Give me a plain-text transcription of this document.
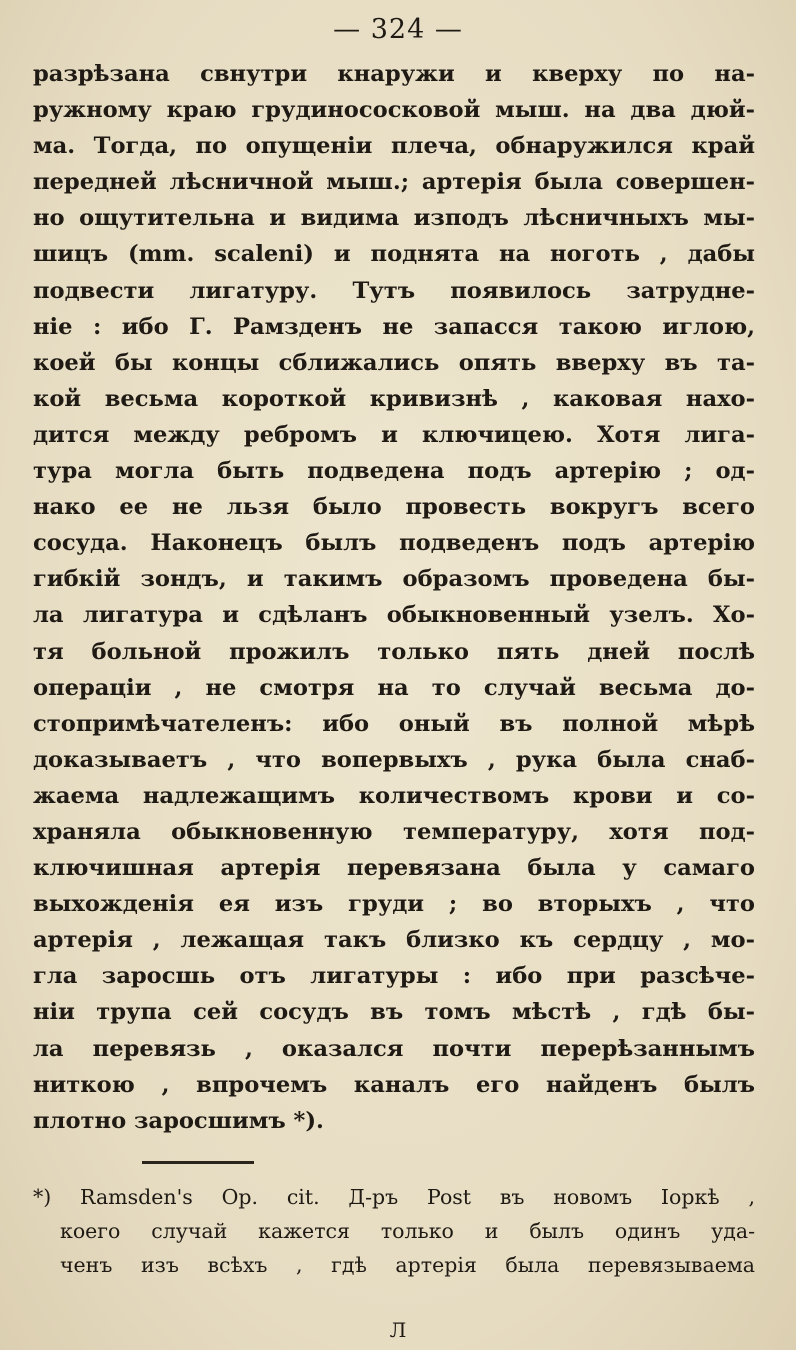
— 324 —
разрѣзана свнутри кнаружи и кверху по на-
ружному краю грудинососковой мыш. на два дюй-
ма. Тогда, по опущеніи плеча, обнаружился край
передней лѣсничной мыш.; артерія была совершен-
но ощутительна и видима изподъ лѣсничныхъ мы-
шицъ (mm. scaleni) и поднята на ноготь , дабы
подвести лигатуру. Тутъ появилось затрудне-
ніе : ибо Г. Рамзденъ не запасся такою иглою,
коей бы концы сближались опять вверху въ та-
кой весьма короткой кривизнѣ , каковая нахо-
дится между ребромъ и ключицею. Хотя лига-
тура могла быть подведена подъ артерію ; од-
нако ее не льзя было провесть вокругъ всего
сосуда. Наконецъ былъ подведенъ подъ артерію
гибкій зондъ, и такимъ образомъ проведена бы-
ла лигатура и сдѣланъ обыкновенный узелъ. Хо-
тя больной прожилъ только пять дней послѣ
операціи , не смотря на то случай весьма до-
стопримѣчателенъ: ибо оный въ полной мѣрѣ
доказываетъ , что вопервыхъ , рука была снаб-
жаема надлежащимъ количествомъ крови и со-
храняла обыкновенную температуру, хотя под-
ключишная артерія перевязана была у самаго
выхожденія ея изъ груди ; во вторыхъ , что
артерія , лежащая такъ близко къ сердцу , мо-
гла заросшь отъ лигатуры : ибо при разсѣче-
ніи трупа сей сосудъ въ томъ мѣстѣ , гдѣ бы-
ла перевязь , оказался почти перерѣзаннымъ
ниткою , впрочемъ каналъ его найденъ былъ
плотно заросшимъ *).
*) Ramsden's Op. cit. Д-ръ Post въ новомъ Іоркѣ ,
коего случай кажется только и былъ одинъ уда-
ченъ изъ всѣхъ , гдѣ артерія была перевязываема
Л
